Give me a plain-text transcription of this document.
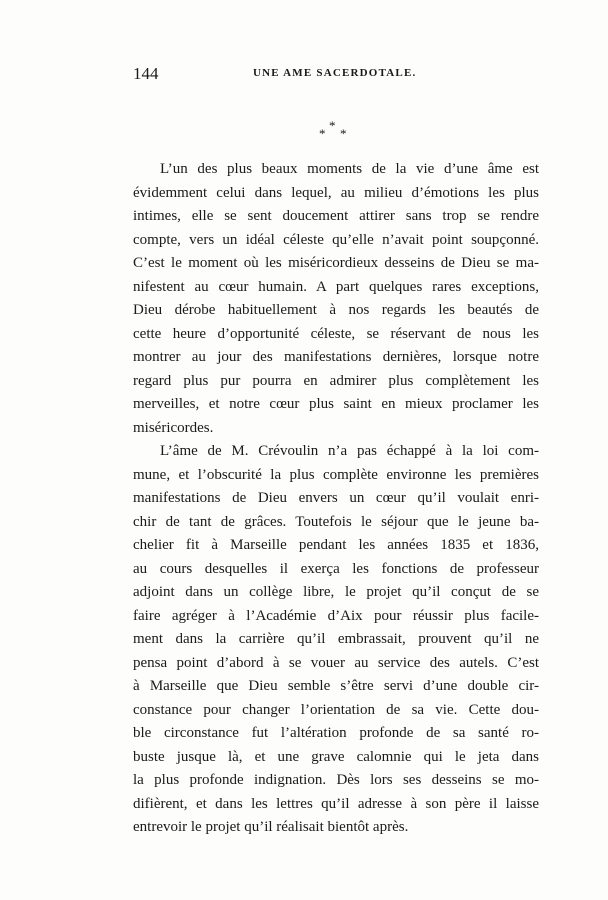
144	UNE AME SACERDOTALE.
*
* *
L’un des plus beaux moments de la vie d’une âme est
évidemment celui dans lequel, au milieu d’émotions les plus
intimes, elle se sent doucement attirer sans trop se rendre
compte, vers un idéal céleste qu’elle n’avait point soupçonné.
C’est le moment où les miséricordieux desseins de Dieu se ma-
nifestent au cœur humain. A part quelques rares exceptions,
Dieu dérobe habituellement à nos regards les beautés de
cette heure d’opportunité céleste, se réservant de nous les
montrer au jour des manifestations dernières, lorsque notre
regard plus pur pourra en admirer plus complètement les
merveilles, et notre cœur plus saint en mieux proclamer les
miséricordes.
L’âme de M. Crévoulin n’a pas échappé à la loi com-
mune, et l’obscurité la plus complète environne les premières
manifestations de Dieu envers un cœur qu’il voulait enri-
chir de tant de grâces. Toutefois le séjour que le jeune ba-
chelier fit à Marseille pendant les années 1835 et 1836,
au cours desquelles il exerça les fonctions de professeur
adjoint dans un collège libre, le projet qu’il conçut de se
faire agréger à l’Académie d’Aix pour réussir plus facile-
ment dans la carrière qu’il embrassait, prouvent qu’il ne
pensa point d’abord à se vouer au service des autels. C’est
à Marseille que Dieu semble s’être servi d’une double cir-
constance pour changer l’orientation de sa vie. Cette dou-
ble circonstance fut l’altération profonde de sa santé ro-
buste jusque là, et une grave calomnie qui le jeta dans
la plus profonde indignation. Dès lors ses desseins se mo-
difièrent, et dans les lettres qu’il adresse à son père il laisse
entrevoir le projet qu’il réalisait bientôt après.
